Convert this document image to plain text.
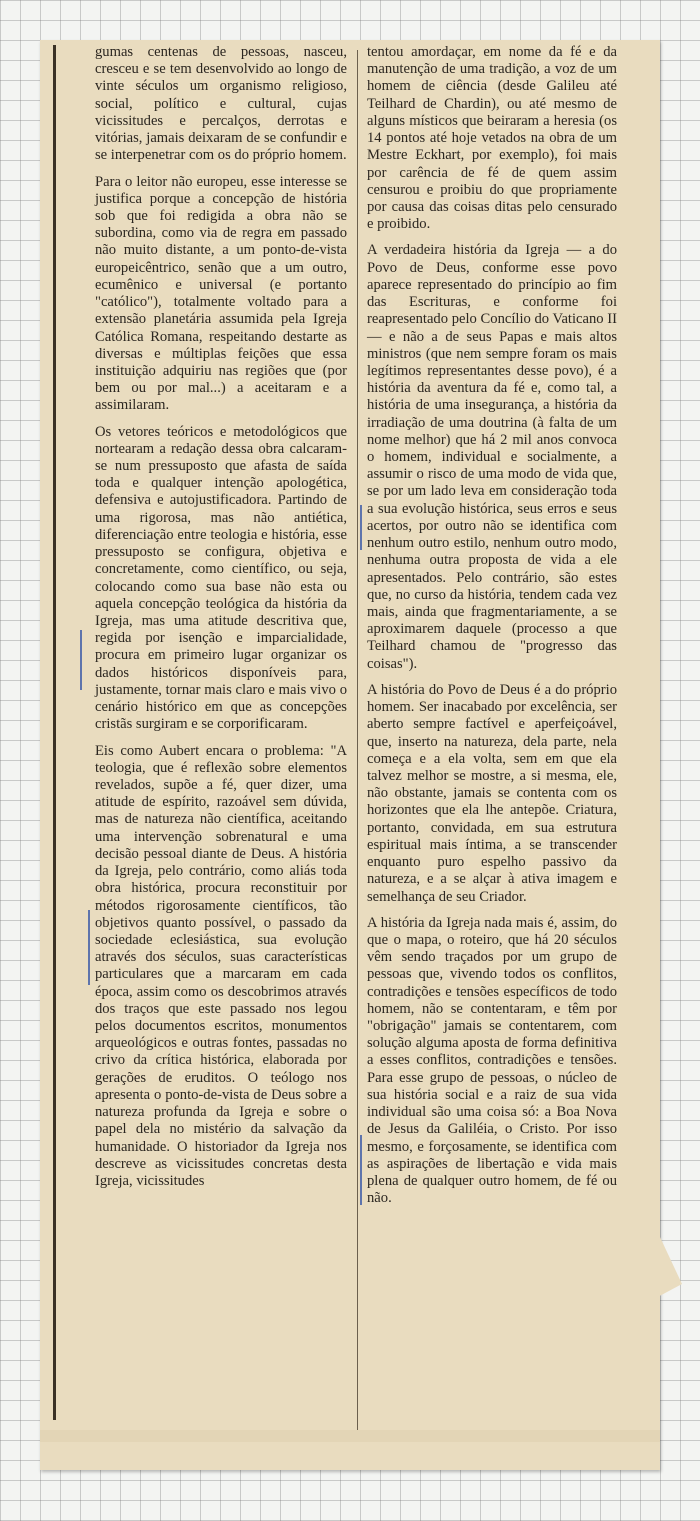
gumas centenas de pessoas, nasceu, cresceu e se tem desenvolvido ao longo de vinte séculos um organismo religioso, social, político e cultural, cujas vicissitudes e percalços, derrotas e vitórias, jamais deixaram de se confundir e se interpenetrar com os do próprio homem.

Para o leitor não europeu, esse interesse se justifica porque a concepção de história sob que foi redigida a obra não se subordina, como via de regra em passado não muito distante, a um ponto-de-vista europeicêntrico, senão que a um outro, ecumênico e universal (e portanto "católico"), totalmente voltado para a extensão planetária assumida pela Igreja Católica Romana, respeitando destarte as diversas e múltiplas feições que essa instituição adquiriu nas regiões que (por bem ou por mal...) a aceitaram e a assimilaram.

Os vetores teóricos e metodológicos que nortearam a redação dessa obra calcaram-se num pressuposto que afasta de saída toda e qualquer intenção apologética, defensiva e autojustificadora. Partindo de uma rigorosa, mas não antiética, diferenciação entre teologia e história, esse pressuposto se configura, objetiva e concretamente, como científico, ou seja, colocando como sua base não esta ou aquela concepção teológica da história da Igreja, mas uma atitude descritiva que, regida por isenção e imparcialidade, procura em primeiro lugar organizar os dados históricos disponíveis para, justamente, tornar mais claro e mais vivo o cenário histórico em que as concepções cristãs surgiram e se corporificaram.

Eis como Aubert encara o problema: "A teologia, que é reflexão sobre elementos revelados, supõe a fé, quer dizer, uma atitude de espírito, razoável sem dúvida, mas de natureza não científica, aceitando uma intervenção sobrenatural e uma decisão pessoal diante de Deus. A história da Igreja, pelo contrário, como aliás toda obra histórica, procura reconstituir por métodos rigorosamente científicos, tão objetivos quanto possível, o passado da sociedade eclesiástica, sua evolução através dos séculos, suas características particulares que a marcaram em cada época, assim como os descobrimos através dos traços que este passado nos legou pelos documentos escritos, monumentos arqueológicos e outras fontes, passadas no crivo da crítica histórica, elaborada por gerações de eruditos. O teólogo nos apresenta o ponto-de-vista de Deus sobre a natureza profunda da Igreja e sobre o papel dela no mistério da salvação da humanidade. O historiador da Igreja nos descreve as vicissitudes concretas desta Igreja, vicissitudes

tentou amordaçar, em nome da fé e da manutenção de uma tradição, a voz de um homem de ciência (desde Galileu até Teilhard de Chardin), ou até mesmo de alguns místicos que beiraram a heresia (os 14 pontos até hoje vetados na obra de um Mestre Eckhart, por exemplo), foi mais por carência de fé de quem assim censurou e proibiu do que propriamente por causa das coisas ditas pelo censurado e proibido.

A verdadeira história da Igreja — a do Povo de Deus, conforme esse povo aparece representado do princípio ao fim das Escrituras, e conforme foi reapresentado pelo Concílio do Vaticano II — e não a de seus Papas e mais altos ministros (que nem sempre foram os mais legítimos representantes desse povo), é a história da aventura da fé e, como tal, a história de uma insegurança, a história da irradiação de uma doutrina (à falta de um nome melhor) que há 2 mil anos convoca o homem, individual e socialmente, a assumir o risco de uma modo de vida que, se por um lado leva em consideração toda a sua evolução histórica, seus erros e seus acertos, por outro não se identifica com nenhum outro estilo, nenhum outro modo, nenhuma outra proposta de vida a ele apresentados. Pelo contrário, são estes que, no curso da história, tendem cada vez mais, ainda que fragmentariamente, a se aproximarem daquele (processo a que Teilhard chamou de "progresso das coisas").

A história do Povo de Deus é a do próprio homem. Ser inacabado por excelência, ser aberto sempre factível e aperfeiçoável, que, inserto na natureza, dela parte, nela começa e a ela volta, sem em que ela talvez melhor se mostre, a si mesma, ele, não obstante, jamais se contenta com os horizontes que ela lhe antepõe. Criatura, portanto, convidada, em sua estrutura espiritual mais íntima, a se transcender enquanto puro espelho passivo da natureza, e a se alçar à ativa imagem e semelhança de seu Criador.

A história da Igreja nada mais é, assim, do que o mapa, o roteiro, que há 20 séculos vêm sendo traçados por um grupo de pessoas que, vivendo todos os conflitos, contradições e tensões específicos de todo homem, não se contentaram, e têm por "obrigação" jamais se contentarem, com solução alguma aposta de forma definitiva a esses conflitos, contradições e tensões. Para esse grupo de pessoas, o núcleo de sua história social e a raiz de sua vida individual são uma coisa só: a Boa Nova de Jesus da Galiléia, o Cristo. Por isso mesmo, e forçosamente, se identifica com as aspirações de libertação e vida mais plena de qualquer outro homem, de fé ou não.
